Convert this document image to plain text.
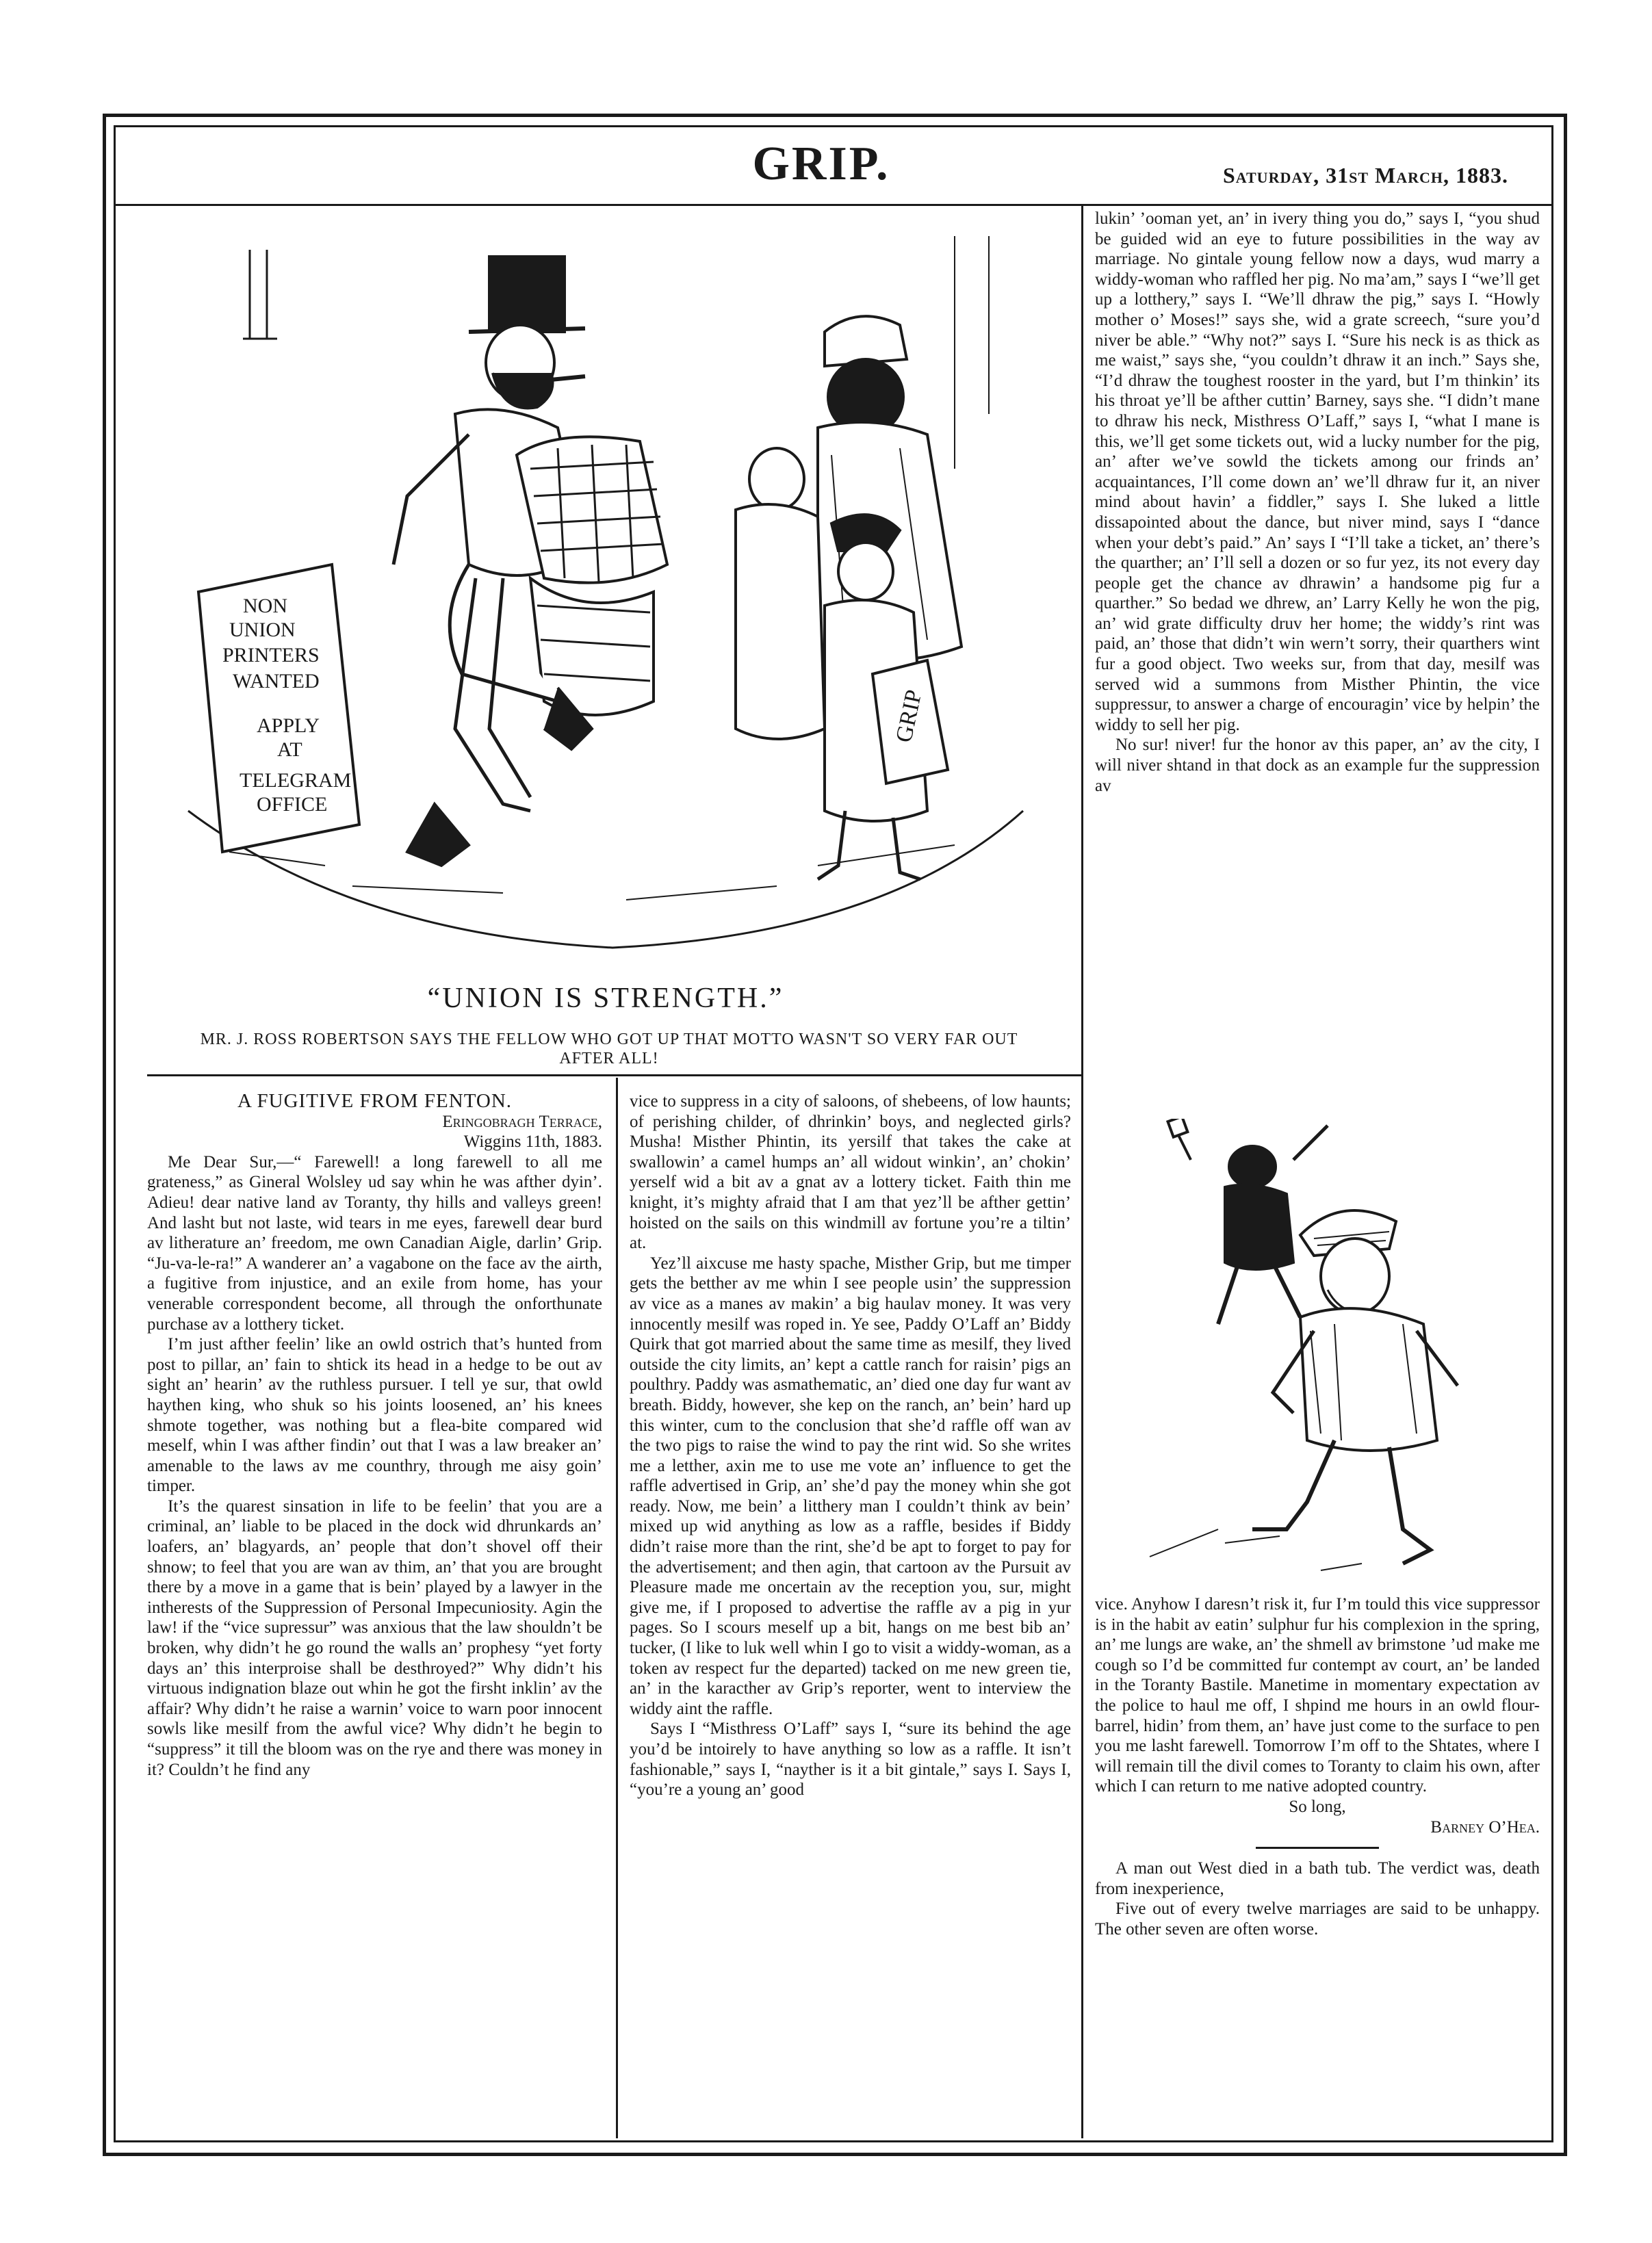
GRIP.	Saturday, 31st March, 1883.
NON
UNION
PRINTERS
WANTED
APPLY
AT
TELEGRAM
OFFICE
GRIP

“UNION IS STRENGTH.”

MR. J. ROSS ROBERTSON SAYS THE FELLOW WHO GOT UP THAT MOTTO WASN'T SO VERY FAR OUT AFTER ALL!

A FUGITIVE FROM FENTON.

Eringobragh Terrace,

Wiggins 11th, 1883.

Me Dear Sur,—“ Farewell! a long farewell to all me grateness,” as Gineral Wolsley ud say whin he was afther dyin’. Adieu! dear native land av Toranty, thy hills and valleys green! And lasht but not laste, wid tears in me eyes, farewell dear burd av litherature an’ freedom, me own Canadian Aigle, darlin’ Grip. “Ju-va-le-ra!” A wanderer an’ a vagabone on the face av the airth, a fugitive from injustice, and an exile from home, has your venerable correspondent become, all through the onforthunate purchase av a lotthery ticket.

I’m just afther feelin’ like an owld ostrich that’s hunted from post to pillar, an’ fain to shtick its head in a hedge to be out av sight an’ hearin’ av the ruthless pursuer. I tell ye sur, that owld haythen king, who shuk so his joints loosened, an’ his knees shmote together, was nothing but a flea-bite compared wid meself, whin I was afther findin’ out that I was a law breaker an’ amenable to the laws av me counthry, through me aisy goin’ timper.

It’s the quarest sinsation in life to be feelin’ that you are a criminal, an’ liable to be placed in the dock wid dhrunkards an’ loafers, an’ blagyards, an’ people that don’t shovel off their shnow; to feel that you are wan av thim, an’ that you are brought there by a move in a game that is bein’ played by a lawyer in the intherests of the Suppression of Personal Impecuniosity. Agin the law! if the “vice supressur” was anxious that the law shouldn’t be broken, why didn’t he go round the walls an’ prophesy “yet forty days an’ this interproise shall be desthroyed?” Why didn’t his virtuous indignation blaze out whin he got the firsht inklin’ av the affair? Why didn’t he raise a warnin’ voice to warn poor innocent sowls like mesilf from the awful vice? Why didn’t he begin to “suppress” it till the bloom was on the rye and there was money in it? Couldn’t he find any

vice to suppress in a city of saloons, of shebeens, of low haunts; of perishing childer, of dhrinkin’ boys, and neglected girls? Musha! Misther Phintin, its yersilf that takes the cake at swallowin’ a camel humps an’ all widout winkin’, an’ chokin’ yerself wid a bit av a gnat av a lottery ticket. Faith thin me knight, it’s mighty afraid that I am that yez’ll be afther gettin’ hoisted on the sails on this windmill av fortune you’re a tiltin’ at.

Yez’ll aixcuse me hasty spache, Misther Grip, but me timper gets the betther av me whin I see people usin’ the suppression av vice as a manes av makin’ a big haulav money. It was very innocently mesilf was roped in. Ye see, Paddy O’Laff an’ Biddy Quirk that got married about the same time as mesilf, they lived outside the city limits, an’ kept a cattle ranch for raisin’ pigs an poulthry. Paddy was asmathematic, an’ died one day fur want av breath. Biddy, however, she kep on the ranch, an’ bein’ hard up this winter, cum to the conclusion that she’d raffle off wan av the two pigs to raise the wind to pay the rint wid. So she writes me a letther, axin me to use me vote an’ influence to get the raffle advertised in Grip, an’ she’d pay the money whin she got ready. Now, me bein’ a litthery man I couldn’t think av bein’ mixed up wid anything as low as a raffle, besides if Biddy didn’t raise more than the rint, she’d be apt to forget to pay for the advertisement; and then agin, that cartoon av the Pursuit av Pleasure made me oncertain av the reception you, sur, might give me, if I proposed to advertise the raffle av a pig in yur pages. So I scours meself up a bit, hangs on me best bib an’ tucker, (I like to luk well whin I go to visit a widdy-woman, as a token av respect fur the departed) tacked on me new green tie, an’ in the karacther av Grip’s reporter, went to interview the widdy aint the raffle.

Says I “Misthress O’Laff” says I, “sure its behind the age you’d be intoirely to have anything so low as a raffle. It isn’t fashionable,” says I, “nayther is it a bit gintale,” says I. Says I, “you’re a young an’ good

lukin’ ’ooman yet, an’ in ivery thing you do,” says I, “you shud be guided wid an eye to future possibilities in the way av marriage. No gintale young fellow now a days, wud marry a widdy-woman who raffled her pig. No ma’am,” says I “we’ll get up a lotthery,” says I. “We’ll dhraw the pig,” says I. “Howly mother o’ Moses!” says she, wid a grate screech, “sure you’d niver be able.” “Why not?” says I. “Sure his neck is as thick as me waist,” says she, “you couldn’t dhraw it an inch.” Says she, “I’d dhraw the toughest rooster in the yard, but I’m thinkin’ its his throat ye’ll be afther cuttin’ Barney, says she. “I didn’t mane to dhraw his neck, Misthress O’Laff,” says I, “what I mane is this, we’ll get some tickets out, wid a lucky number for the pig, an’ after we’ve sowld the tickets among our frinds an’ acquaintances, I’ll come down an’ we’ll dhraw fur it, an niver mind about havin’ a fiddler,” says I. She luked a little dissapointed about the dance, but niver mind, says I “dance when your debt’s paid.” An’ says I “I’ll take a ticket, an’ there’s the quarther; an’ I’ll sell a dozen or so fur yez, its not every day people get the chance av dhrawin’ a handsome pig fur a quarther.” So bedad we dhrew, an’ Larry Kelly he won the pig, an’ wid grate difficulty druv her home; the widdy’s rint was paid, an’ those that didn’t win wern’t sorry, their quarthers wint fur a good object. Two weeks sur, from that day, mesilf was served wid a summons from Misther Phintin, the vice suppressur, to answer a charge of encouragin’ vice by helpin’ the widdy to sell her pig.

No sur! niver! fur the honor av this paper, an’ av the city, I will niver shtand in that dock as an example fur the suppression av

vice. Anyhow I daresn’t risk it, fur I’m tould this vice suppressor is in the habit av eatin’ sulphur fur his complexion in the spring, an’ me lungs are wake, an’ the shmell av brimstone ’ud make me cough so I’d be committed fur contempt av court, an’ be landed in the Toranty Bastile. Manetime in momentary expectation av the police to haul me off, I shpind me hours in an owld flour-barrel, hidin’ from them, an’ have just come to the surface to pen you me lasht farewell. Tomorrow I’m off to the Shtates, where I will remain till the divil comes to Toranty to claim his own, after which I can return to me native adopted country.

So long,

Barney O’Hea.

A man out West died in a bath tub. The verdict was, death from inexperience,

Five out of every twelve marriages are said to be unhappy. The other seven are often worse.
